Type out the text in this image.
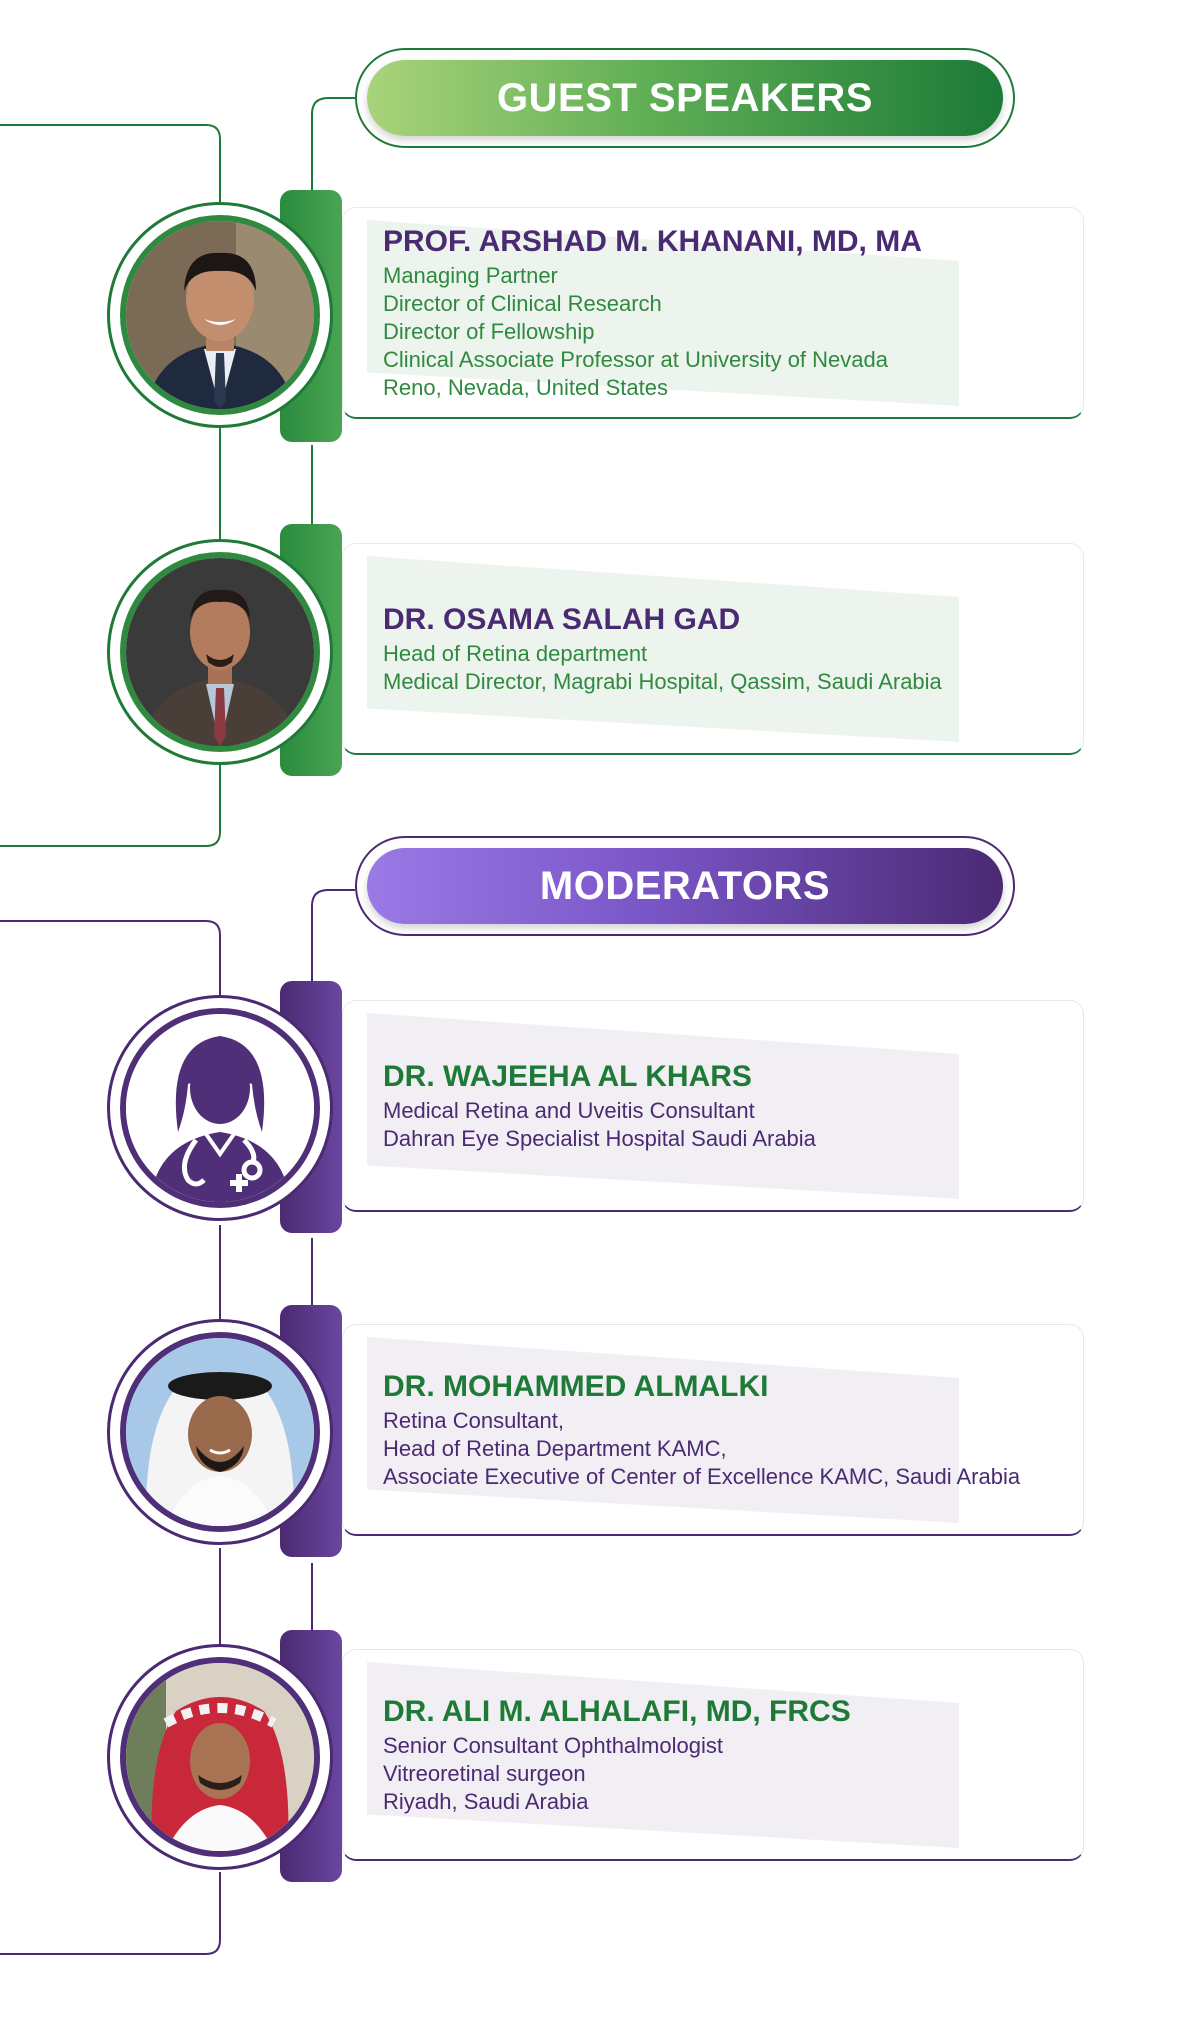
GUEST SPEAKERS
PROF. ARSHAD M. KHANANI, MD, MA
Managing Partner
Director of Clinical Research
Director of Fellowship
Clinical Associate Professor at University of Nevada
Reno, Nevada, United States
DR. OSAMA SALAH GAD
Head of Retina department
Medical Director, Magrabi Hospital, Qassim, Saudi Arabia
MODERATORS
DR. WAJEEHA AL KHARS
Medical Retina and Uveitis Consultant
Dahran Eye Specialist Hospital Saudi Arabia
DR. MOHAMMED ALMALKI
Retina Consultant,
Head of Retina Department KAMC,
Associate Executive of Center of Excellence KAMC, Saudi Arabia
DR. ALI M. ALHALAFI, MD, FRCS
Senior Consultant Ophthalmologist
Vitreoretinal surgeon
Riyadh, Saudi Arabia
